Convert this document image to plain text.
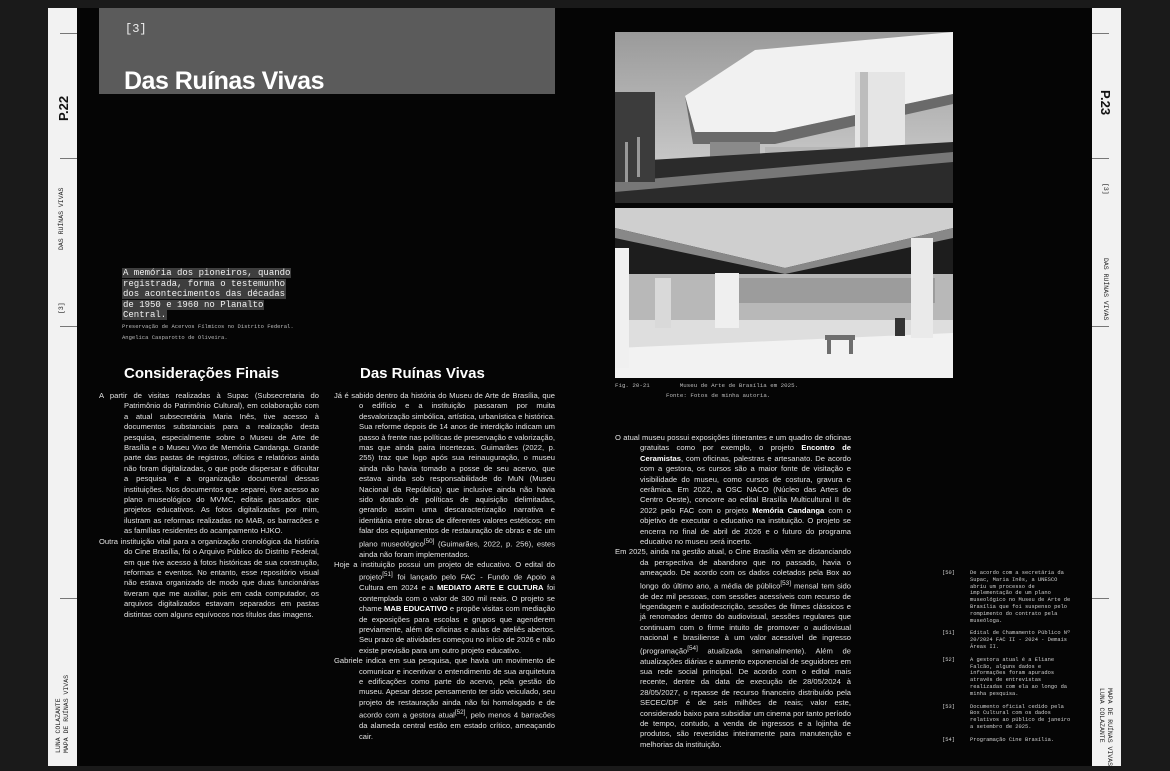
P.22
DAS RUÍNAS VIVAS
[3]
LUNA COLAZANTE MAPA DE RUÍNAS VIVAS
P.23
[3]
DAS RUÍNAS VIVAS
LUNA COLAZANTE MAPA DE RUÍNAS VIVAS
[3]
Das Ruínas Vivas
A memória dos pioneiros, quando registrada, forma o testemunho dos acontecimentos das décadas de 1950 e 1960 no Planalto Central.
Preservação de Acervos Fílmicos no Distrito Federal.
Angelica Casparotto de Oliveira.
Considerações Finais

A partir de visitas realizadas à Supac (Subsecretaria do Patrimônio do Patrimônio Cultural), em colaboração com a atual subsecretária Maria Inês, tive acesso à documentos substanciais para a realização desta pesquisa, especialmente sobre o Museu de Arte de Brasília e o Museu Vivo de Memória Candanga. Grande parte das pastas de registros, ofícios e relatórios ainda não foram digitalizadas, o que pode dispersar e dificultar a pesquisa e a organização documental dessas instituições. Nos documentos que separei, tive acesso ao plano museológico do MVMC, editais passados que projetos educativos. As fotos digitalizadas por mim, ilustram as reformas realizadas no MAB, os barracões e as famílias residentes do acampamento HJKO.

Outra instituição vital para a organização cronológica da história do Cine Brasília, foi o Arquivo Público do Distrito Federal, em que tive acesso à fotos históricas de sua construção, reformas e eventos. No entanto, esse repositório visual não estava organizado de modo que duas funcionárias tiveram que me auxiliar, pois em cada computador, os arquivos digitalizados estavam separados em pastas distintas com alguns equívocos nos títulos das imagens.

Das Ruínas Vivas

Já é sabido dentro da história do Museu de Arte de Brasília, que o edifício e a instituição passaram por muita desvalorização simbólica, artística, urbanística e histórica. Sua reforme depois de 14 anos de interdição indicam um passo à frente nas políticas de preservação e valorização, mas que ainda paira incertezas. Guimarães (2022, p. 255) traz que logo após sua reinauguração, o museu ainda não havia tomado a posse de seu acervo, que estava ainda sob responsabilidade do MuN (Museu Nacional da República) que inclusive ainda não havia sido dotado de políticas de aquisição delimitadas, gerando assim uma descaracterização narrativa e identitária entre obras de diferentes valores estéticos; em falar dos equipamentos de restauração de obras e de um plano museológico[50] (Guimarães, 2022, p. 256), estes ainda não foram implementados.

Hoje a instituição possui um projeto de educativo. O edital do projeto[51] foi lançado pelo FAC - Fundo de Apoio a Cultura em 2024 e a MEDIATO ARTE E CULTURA foi contemplada com o valor de 300 mil reais. O projeto se chame MAB EDUCATIVO e propõe visitas com mediação de exposições para escolas e grupos que agenderem previamente, além de oficinas e aulas de ateliês abertos. Seu prazo de atividades começou no início de 2026 e não existe previsão para um outro projeto educativo.

Gabriele indica em sua pesquisa, que havia um movimento de comunicar e incentivar o entendimento de sua arquitetura e edificações como parte do acervo, pela gestão do museu. Apesar desse pensamento ter sido veiculado, seu projeto de restauração ainda não foi homologado e de acordo com a gestora atual[52], pelo menos 4 barracões da alameda central estão em estado crítico, ameaçando cair.

Fig. 20-21	Museu de Arte de Brasília em 2025.
Fonte: Fotos de minha autoria.

O atual museu possui exposições itinerantes e um quadro de oficinas gratuitas como por exemplo, o projeto Encontro de Ceramistas, com oficinas, palestras e artesanato. De acordo com a gestora, os cursos são a maior fonte de visitação e visibilidade do museu, como cursos de costura, gravura e cerâmica. Em 2022, a OSC NACO (Núcleo das Artes do Centro Oeste), concorre ao edital Brasília Multicultural II de 2022 pelo FAC com o projeto Memória Candanga com o objetivo de executar o educativo na instituição. O projeto se encerra no final de abril de 2026 e o futuro do programa educativo no museu será incerto.

Em 2025, ainda na gestão atual, o Cine Brasília vêm se distanciando da perspectiva de abandono que no passado, havia o ameaçado. De acordo com os dados coletados pela Box ao longo do último ano, a média de público[53] mensal tem sido de dez mil pessoas, com sessões acessíveis com recurso de legendagem e audiodescrição, sessões de filmes clássicos e já renomados dentro do audiovisual, sessões regulares que continuam com o firme intuito de promover o audiovisual nacional e brasiliense à um valor acessível de ingresso (programação[54] atualizada semanalmente). Além de atualizações diárias e aumento exponencial de seguidores em sua rede social principal. De acordo com o edital mais recente, dentre da data de execução de 28/05/2024 à 28/05/2027, o repasse de recurso financeiro distribuído pela SECEC/DF é de seis milhões de reais; valor este, considerado baixo para subsidiar um cinema por tanto período de tempo, contudo, a venda de ingressos e a lojinha de produtos, são revestidas inteiramente para manutenção e melhorias da instituição.

[50]	De acordo com a secretária da Supac, Maria Inês, a UNESCO abriu um processo de implementação de um plano museológico no Museu de Arte de Brasília que foi suspenso pelo rompimento do contrato pela museóloga.
[51]	Edital de Chamamento Público Nº 20/2024 FAC II - 2024 - Demais Áreas II.
[52]	A gestora atual é a Eliane Falcão, alguns dados e informações foram apurados através de entrevistas realizadas com ela ao longo da minha pesquisa.
[53]	Documento oficial cedido pela Box Cultural com os dados relativos ao público de janeiro a setembro de 2025.
[54]	Programação Cine Brasília.
